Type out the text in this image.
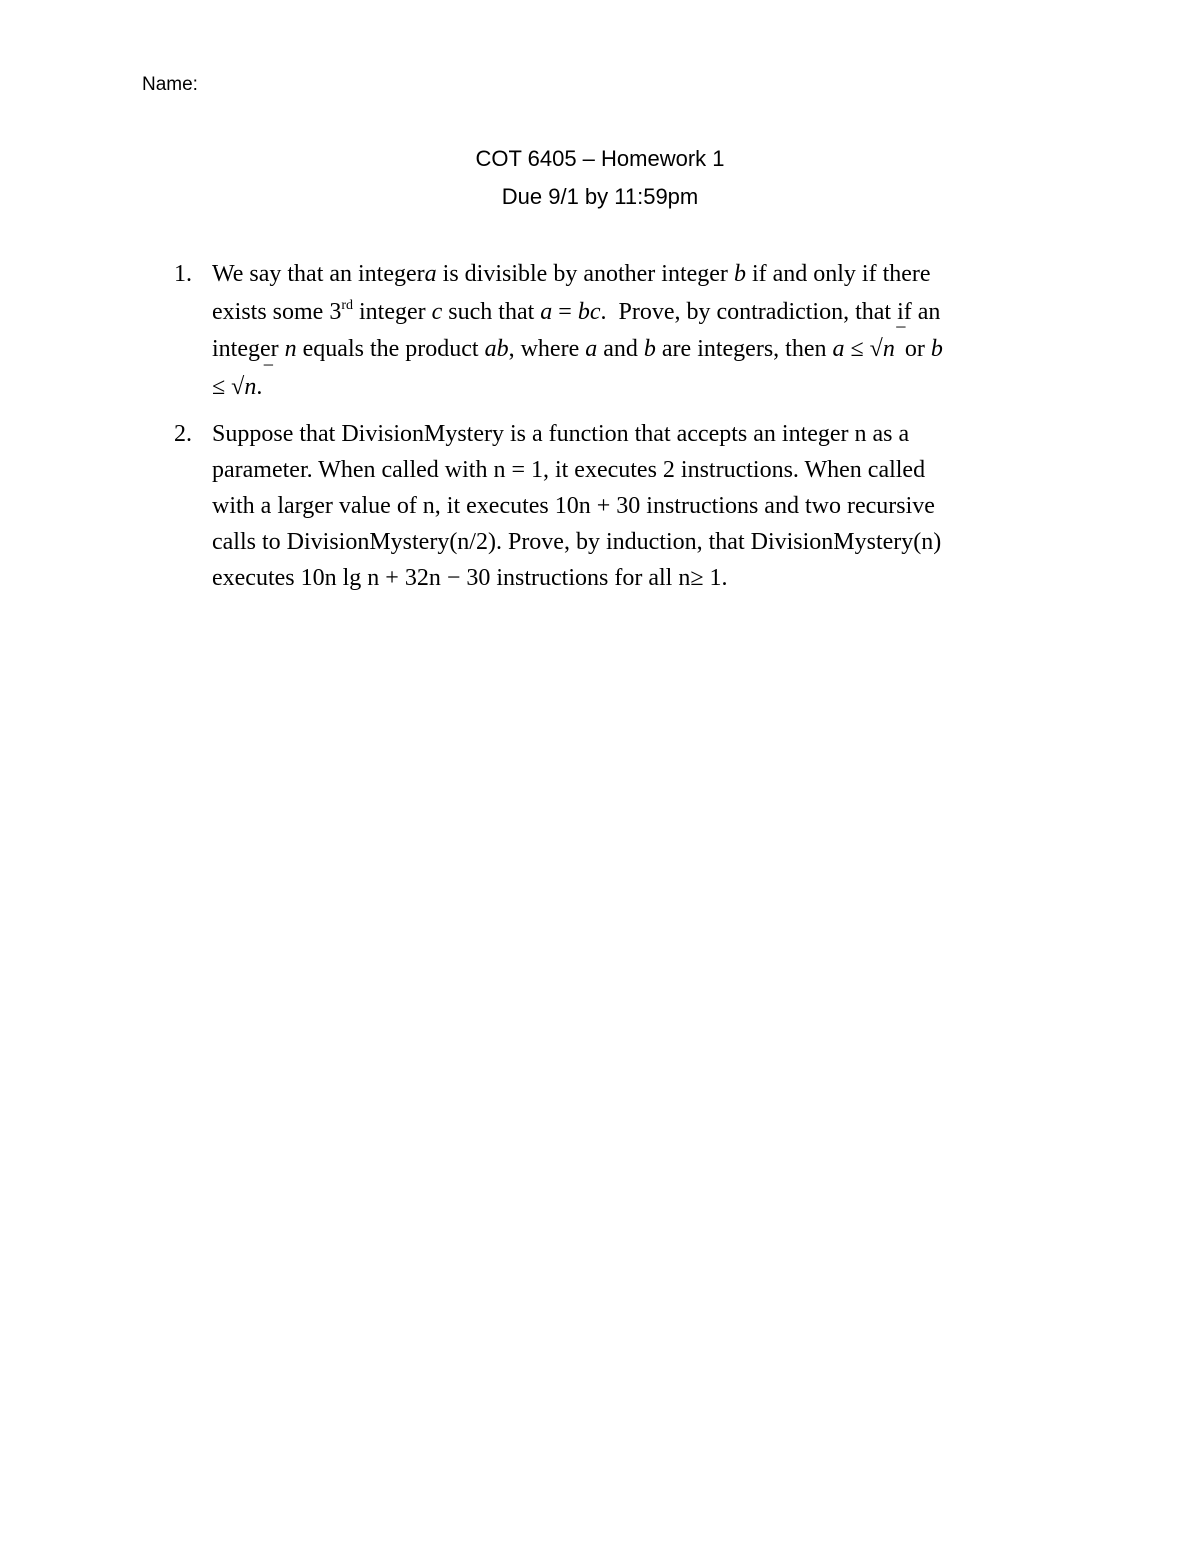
Name:
COT 6405 – Homework 1
Due 9/1 by 11:59pm
1. We say that an integera is divisible by another integer b if and only if there
exists some 3rd integer c such that a = bc.  Prove, by contradiction, that if an
integer n equals the product ab, where a and b are integers, then a ≤ √n‾or b
≤ √n.‾
2. Suppose that DivisionMystery is a function that accepts an integer n as a
parameter. When called with n = 1, it executes 2 instructions. When called
with a larger value of n, it executes 10n + 30 instructions and two recursive
calls to DivisionMystery(n/2). Prove, by induction, that DivisionMystery(n)
executes 10n lg n + 32n − 30 instructions for all n≥ 1.
